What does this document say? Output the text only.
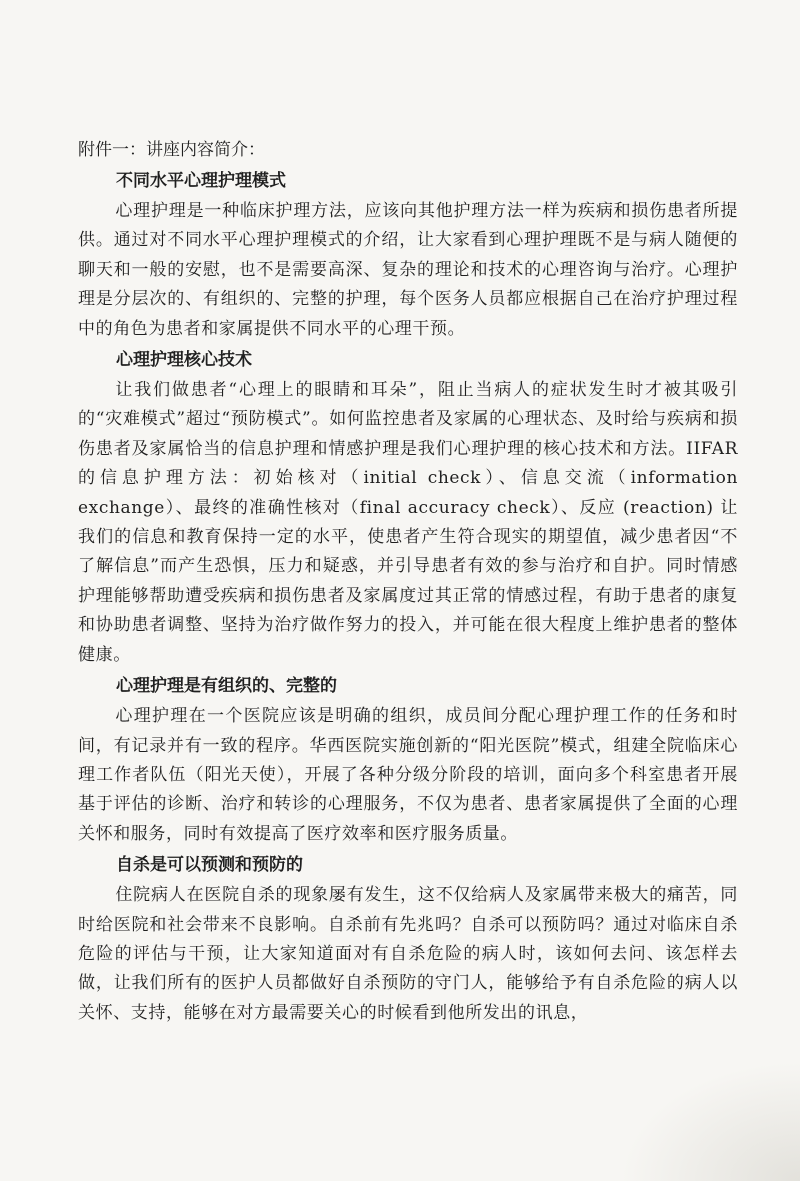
附件一：讲座内容简介：
不同水平心理护理模式
心理护理是一种临床护理方法，应该向其他护理方法一样为疾病和损伤患者所提供。通过对不同水平心理护理模式的介绍，让大家看到心理护理既不是与病人随便的聊天和一般的安慰，也不是需要高深、复杂的理论和技术的心理咨询与治疗。心理护理是分层次的、有组织的、完整的护理，每个医务人员都应根据自己在治疗护理过程中的角色为患者和家属提供不同水平的心理干预。
心理护理核心技术
让我们做患者“心理上的眼睛和耳朵”，阻止当病人的症状发生时才被其吸引的“灾难模式”超过“预防模式”。如何监控患者及家属的心理状态、及时给与疾病和损伤患者及家属恰当的信息护理和情感护理是我们心理护理的核心技术和方法。IIFAR的信息护理方法：初始核对（initial check）、信息交流（information exchange）、最终的准确性核对（final accuracy check）、反应 (reaction) 让我们的信息和教育保持一定的水平，使患者产生符合现实的期望值，减少患者因“不了解信息”而产生恐惧，压力和疑惑，并引导患者有效的参与治疗和自护。同时情感护理能够帮助遭受疾病和损伤患者及家属度过其正常的情感过程，有助于患者的康复和协助患者调整、坚持为治疗做作努力的投入，并可能在很大程度上维护患者的整体健康。
心理护理是有组织的、完整的
心理护理在一个医院应该是明确的组织，成员间分配心理护理工作的任务和时间，有记录并有一致的程序。华西医院实施创新的“阳光医院”模式，组建全院临床心理工作者队伍（阳光天使），开展了各种分级分阶段的培训，面向多个科室患者开展基于评估的诊断、治疗和转诊的心理服务，不仅为患者、患者家属提供了全面的心理关怀和服务，同时有效提高了医疗效率和医疗服务质量。
自杀是可以预测和预防的
住院病人在医院自杀的现象屡有发生，这不仅给病人及家属带来极大的痛苦，同时给医院和社会带来不良影响。自杀前有先兆吗？自杀可以预防吗？通过对临床自杀危险的评估与干预，让大家知道面对有自杀危险的病人时，该如何去问、该怎样去做，让我们所有的医护人员都做好自杀预防的守门人，能够给予有自杀危险的病人以关怀、支持，能够在对方最需要关心的时候看到他所发出的讯息，
